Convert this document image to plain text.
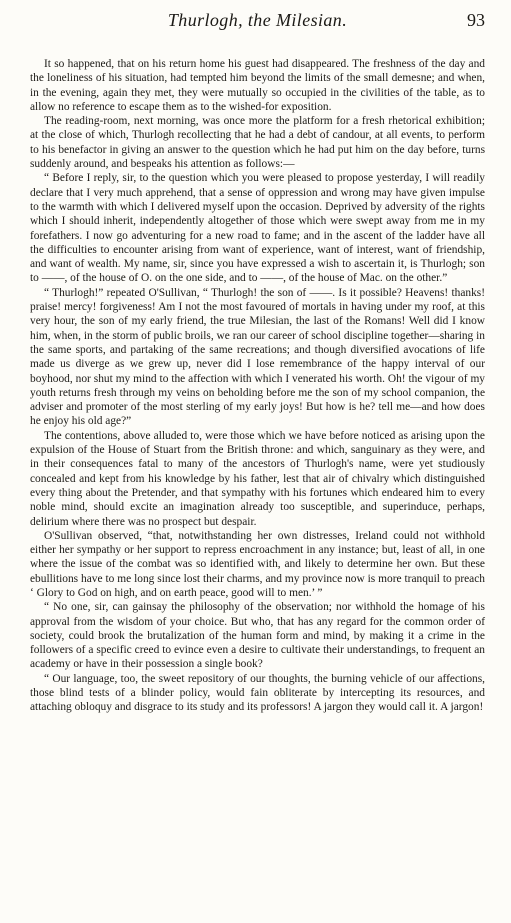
Thurlogh, the Milesian.	93

It so happened, that on his return home his guest had disappeared. The freshness of the day and the loneliness of his situation, had tempted him beyond the limits of the small demesne; and when, in the evening, again they met, they were mutually so occupied in the civilities of the table, as to allow no reference to escape them as to the wished-for exposition.

The reading-room, next morning, was once more the platform for a fresh rhetorical exhibition; at the close of which, Thurlogh recollecting that he had a debt of candour, at all events, to perform to his benefactor in giving an answer to the question which he had put him on the day before, turns suddenly around, and bespeaks his attention as follows:—

“ Before I reply, sir, to the question which you were pleased to propose yesterday, I will readily declare that I very much apprehend, that a sense of oppression and wrong may have given impulse to the warmth with which I delivered myself upon the occasion. Deprived by adversity of the rights which I should inherit, independently altogether of those which were swept away from me in my forefathers. I now go adventuring for a new road to fame; and in the ascent of the ladder have all the difficulties to encounter arising from want of experience, want of interest, want of friendship, and want of wealth. My name, sir, since you have expressed a wish to ascertain it, is Thurlogh; son to ——, of the house of O. on the one side, and to ——, of the house of Mac. on the other.”

“ Thurlogh!” repeated O'Sullivan, “ Thurlogh! the son of ——. Is it possible? Heavens! thanks! praise! mercy! forgiveness! Am I not the most favoured of mortals in having under my roof, at this very hour, the son of my early friend, the true Milesian, the last of the Romans! Well did I know him, when, in the storm of public broils, we ran our career of school discipline together—sharing in the same sports, and partaking of the same recreations; and though diversified avocations of life made us diverge as we grew up, never did I lose remembrance of the happy interval of our boyhood, nor shut my mind to the affection with which I venerated his worth. Oh! the vigour of my youth returns fresh through my veins on beholding before me the son of my school companion, the adviser and promoter of the most sterling of my early joys! But how is he? tell me—and how does he enjoy his old age?”

The contentions, above alluded to, were those which we have before noticed as arising upon the expulsion of the House of Stuart from the British throne: and which, sanguinary as they were, and in their consequences fatal to many of the ancestors of Thurlogh's name, were yet studiously concealed and kept from his knowledge by his father, lest that air of chivalry which distinguished every thing about the Pretender, and that sympathy with his fortunes which endeared him to every noble mind, should excite an imagination already too susceptible, and superinduce, perhaps, delirium where there was no prospect but despair.

O'Sullivan observed, “that, notwithstanding her own distresses, Ireland could not withhold either her sympathy or her support to repress encroachment in any instance; but, least of all, in one where the issue of the combat was so identified with, and likely to determine her own. But these ebullitions have to me long since lost their charms, and my province now is more tranquil to preach ‘ Glory to God on high, and on earth peace, good will to men.’ ”

“ No one, sir, can gainsay the philosophy of the observation; nor withhold the homage of his approval from the wisdom of your choice. But who, that has any regard for the common order of society, could brook the brutalization of the human form and mind, by making it a crime in the followers of a specific creed to evince even a desire to cultivate their understandings, to frequent an academy or have in their possession a single book?

“ Our language, too, the sweet repository of our thoughts, the burning vehicle of our affections, those blind tests of a blinder policy, would fain obliterate by intercepting its resources, and attaching obloquy and disgrace to its study and its professors! A jargon they would call it. A jargon!
